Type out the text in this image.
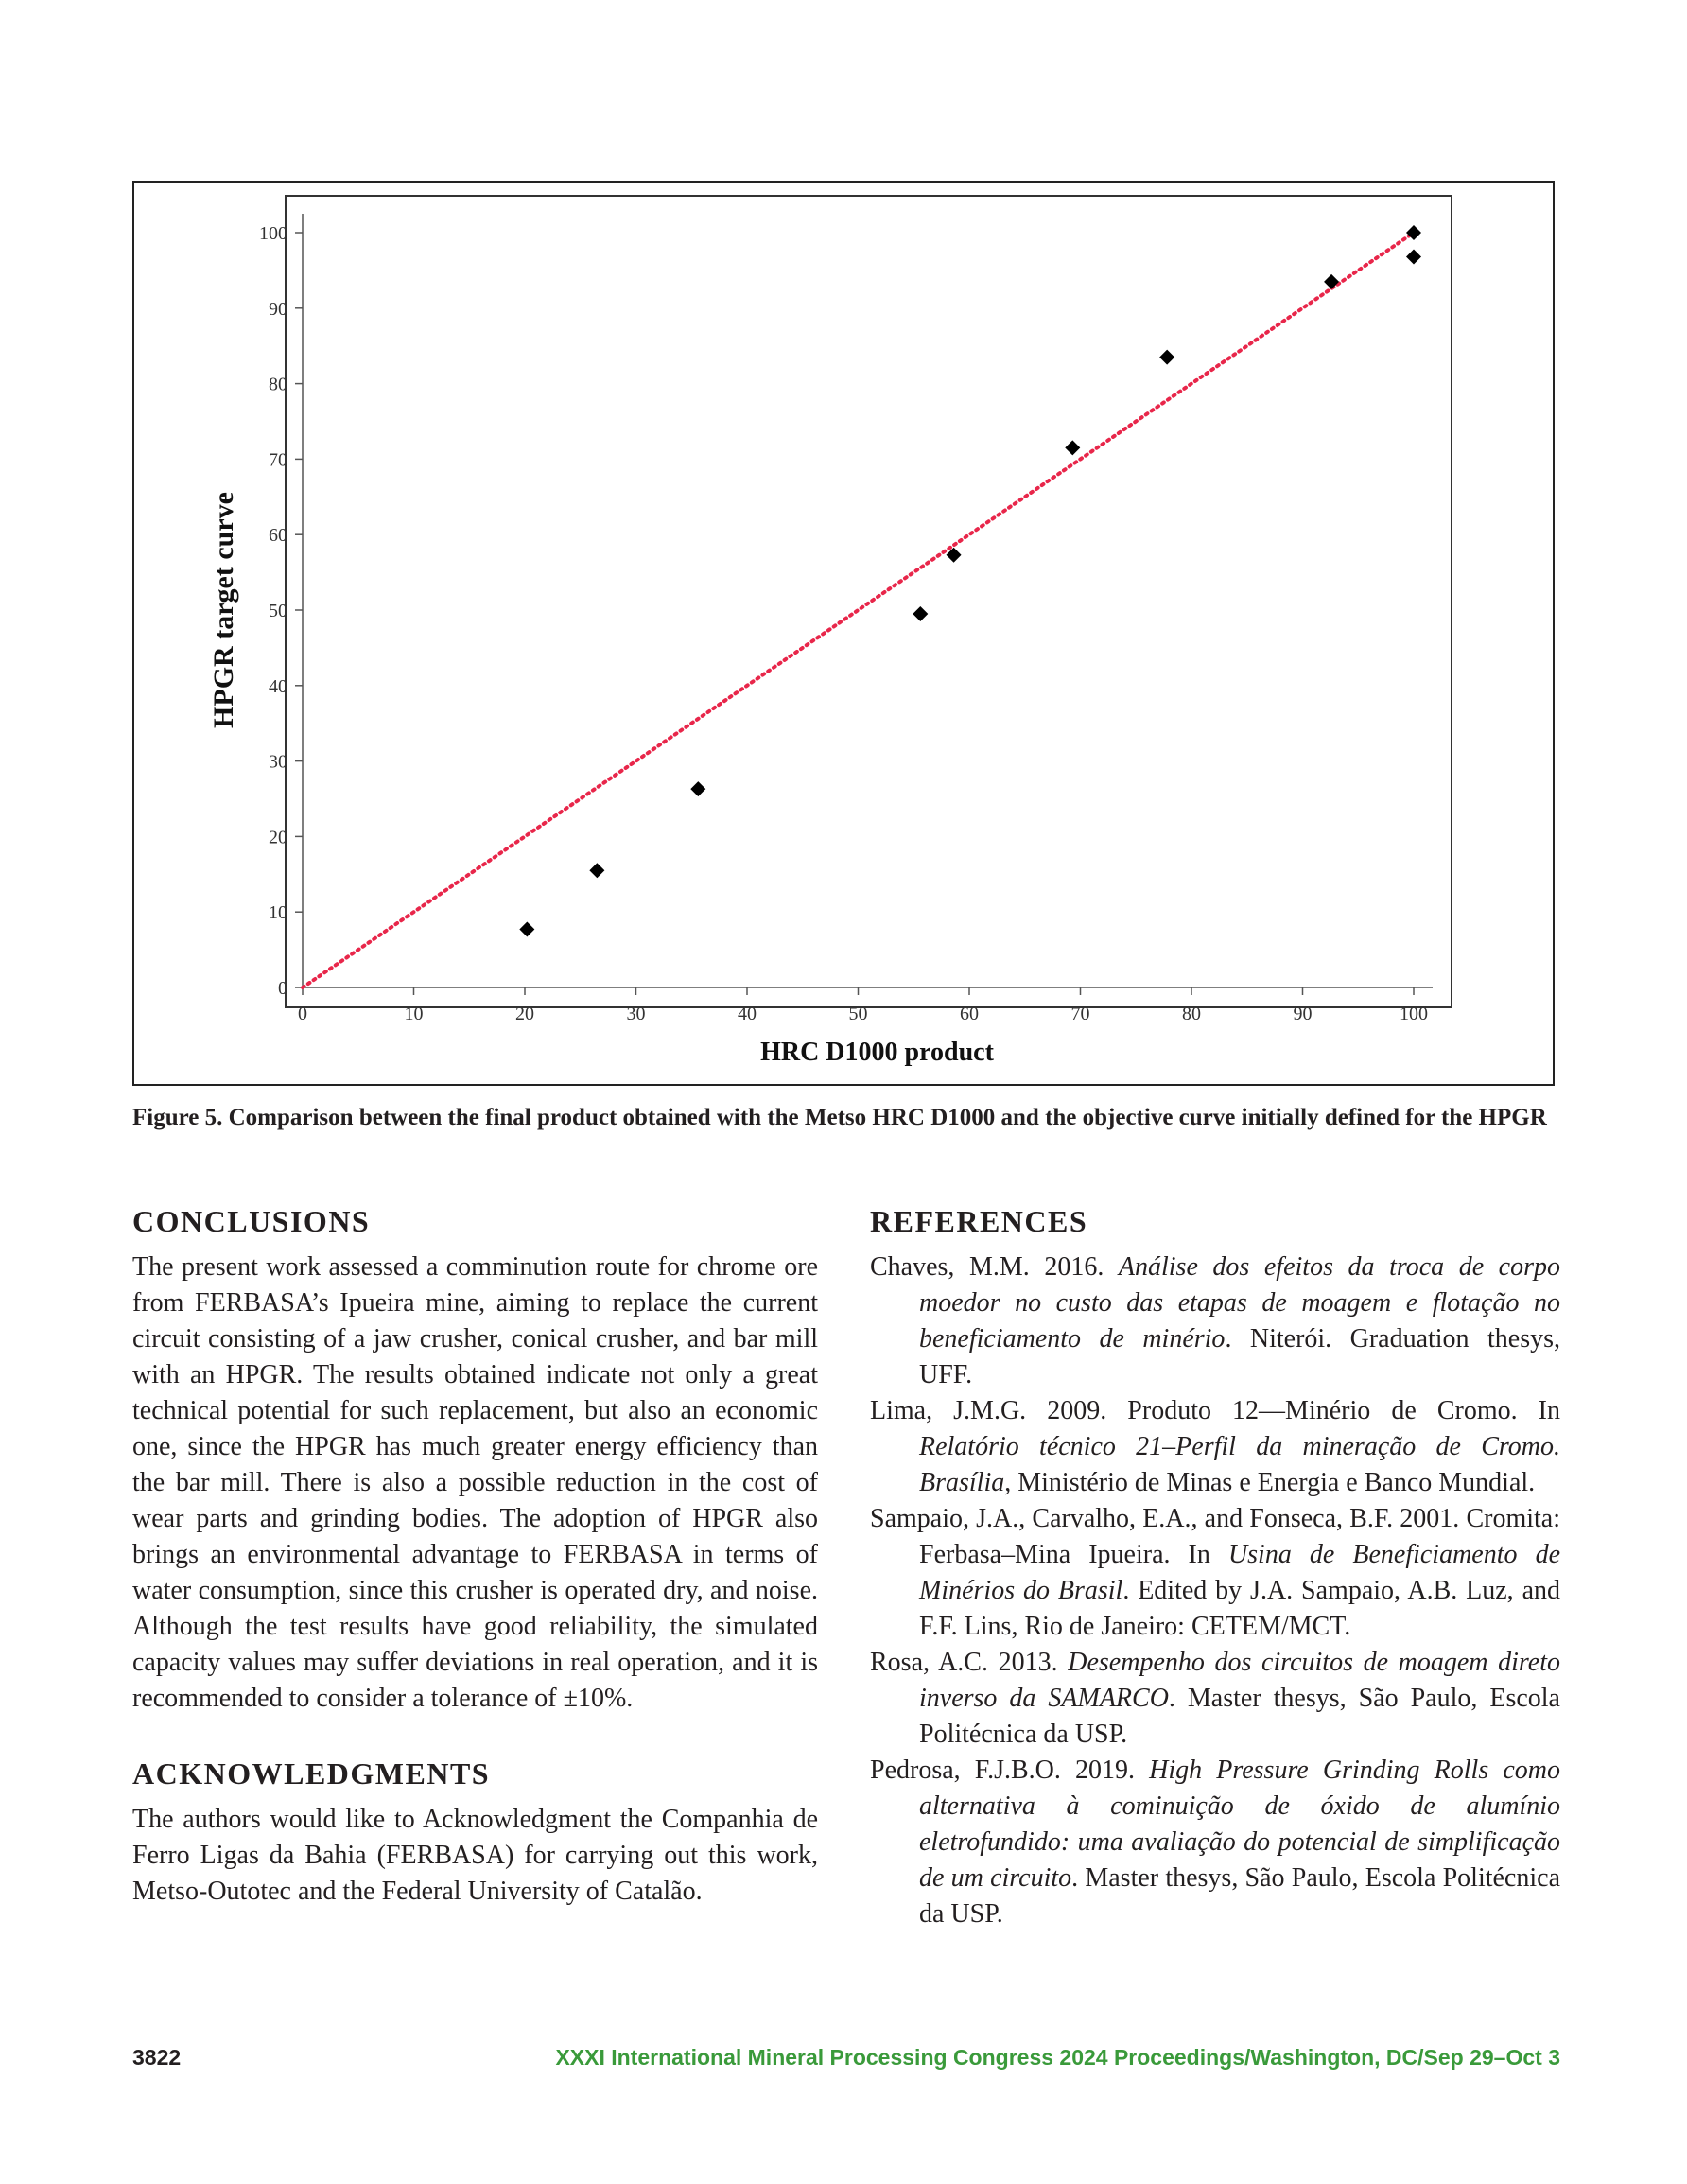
0	10	20	30	40	50	60	70	80	90	100
0
10
20
30
40
50
60
70
80
90
100
HRC D1000 product
HPGR target curve
Figure 5. Comparison between the final product obtained with the Metso HRC D1000 and the objective curve initially defined for the HPGR
CONCLUSIONS

The present work assessed a comminution route for chrome ore from FERBASA’s Ipueira mine, aiming to replace the current circuit consisting of a jaw crusher, conical crusher, and bar mill with an HPGR. The results obtained indicate not only a great technical potential for such replacement, but also an economic one, since the HPGR has much greater energy efficiency than the bar mill. There is also a possible reduction in the cost of wear parts and grinding bodies. The adoption of HPGR also brings an environmental advantage to FERBASA in terms of water consumption, since this crusher is operated dry, and noise. Although the test results have good reliability, the simulated capacity values may suffer deviations in real operation, and it is recommended to consider a tolerance of ±10%.

ACKNOWLEDGMENTS

The authors would like to Acknowledgment the Companhia de Ferro Ligas da Bahia (FERBASA) for carrying out this work, Metso-Outotec and the Federal University of Catalão.

REFERENCES

Chaves, M.M. 2016. Análise dos efeitos da troca de corpo moedor no custo das etapas de moagem e flotação no beneficiamento de minério. Niterói. Graduation thesys, UFF.

Lima, J.M.G. 2009. Produto 12—Minério de Cromo. In Relatório técnico 21–Perfil da mineração de Cromo. Brasília, Ministério de Minas e Energia e Banco Mundial.

Sampaio, J.A., Carvalho, E.A., and Fonseca, B.F. 2001. Cromita: Ferbasa–Mina Ipueira. In Usina de Beneficiamento de Minérios do Brasil. Edited by J.A. Sampaio, A.B. Luz, and F.F. Lins, Rio de Janeiro: CETEM/MCT.

Rosa, A.C. 2013. Desempenho dos circuitos de moagem direto inverso da SAMARCO. Master thesys, São Paulo, Escola Politécnica da USP.

Pedrosa, F.J.B.O. 2019. High Pressure Grinding Rolls como alternativa à cominuição de óxido de alumínio eletrofundido: uma avaliação do potencial de simplificação de um circuito. Master thesys, São Paulo, Escola Politécnica da USP.

3822	XXXI International Mineral Processing Congress 2024 Proceedings/Washington, DC/Sep 29–Oct 3
